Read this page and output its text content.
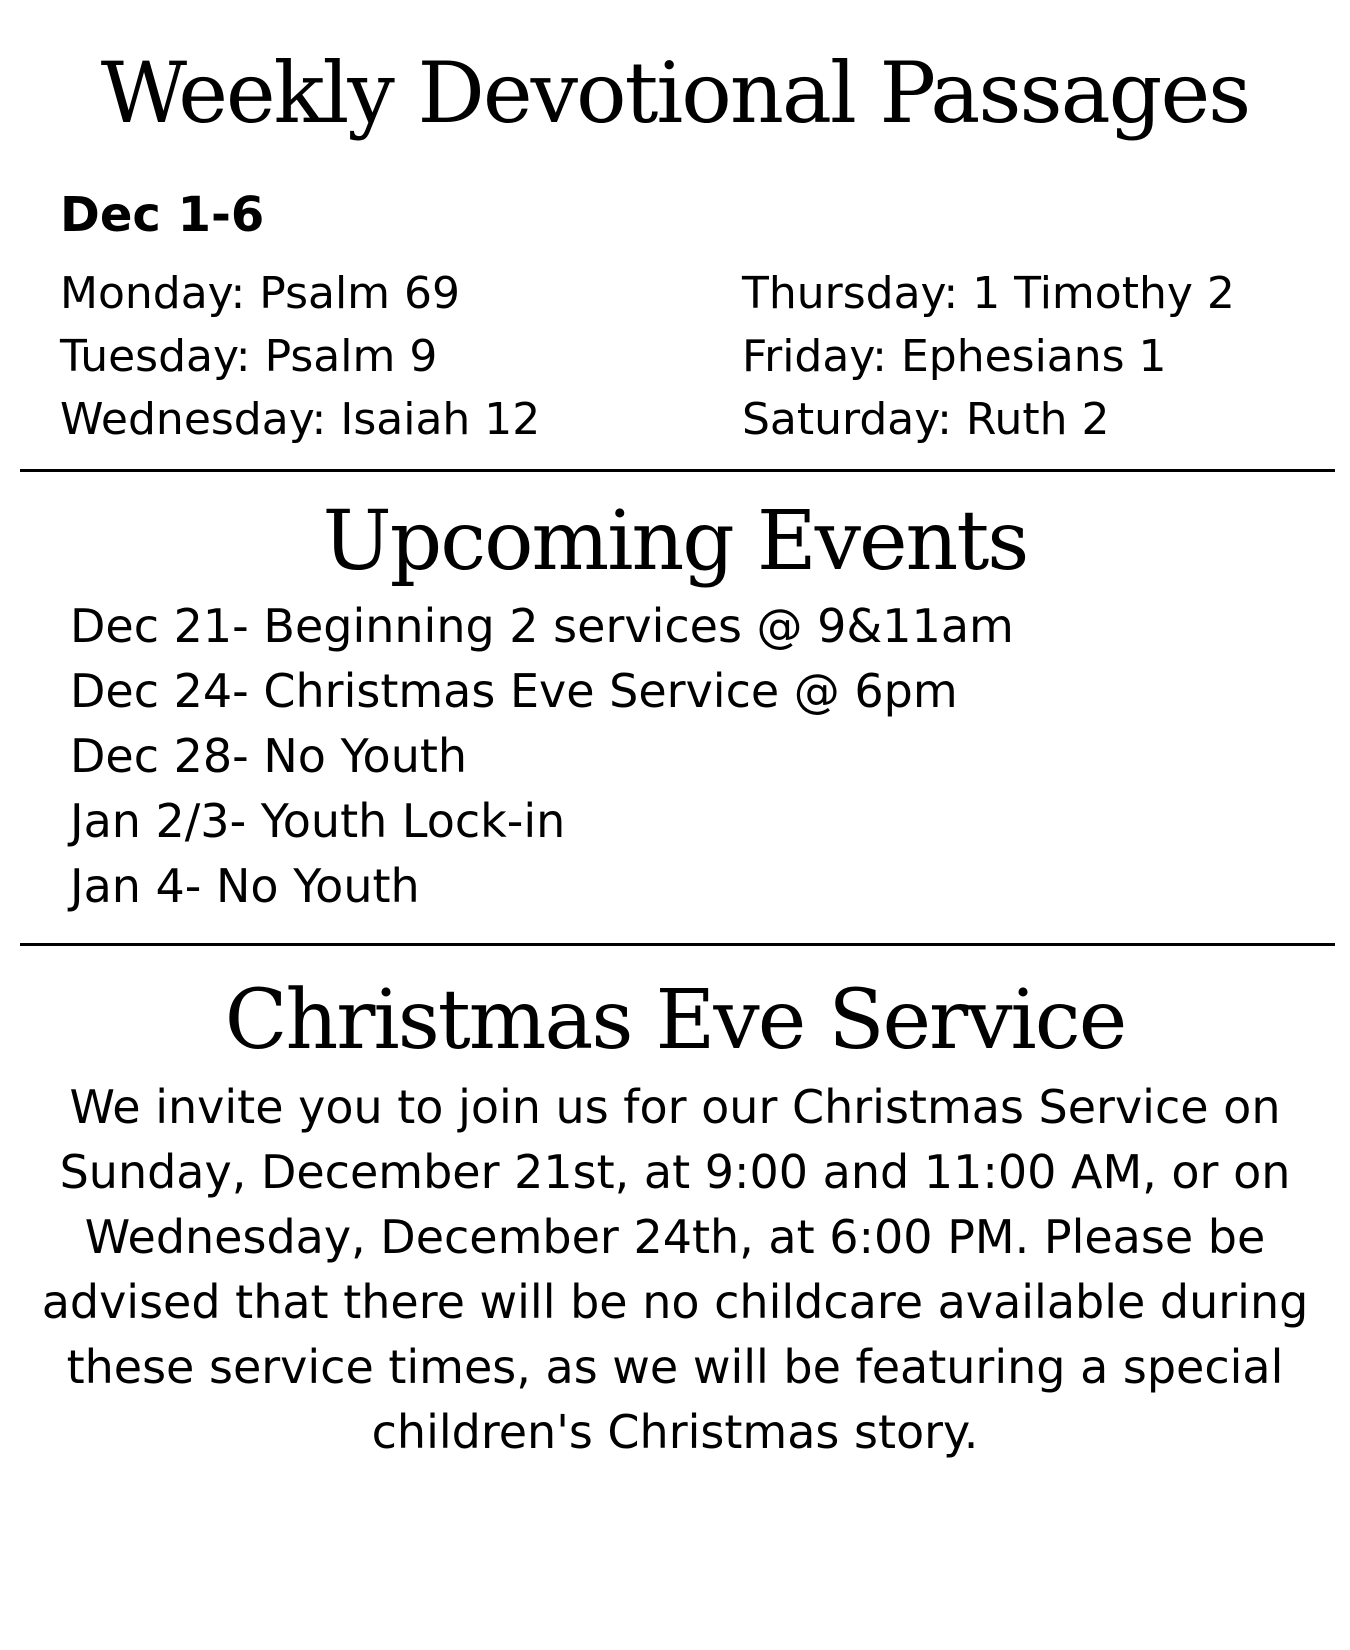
Weekly Devotional Passages
Dec 1-6
Monday: Psalm 69
Tuesday: Psalm 9
Wednesday: Isaiah 12
Thursday: 1 Timothy 2
Friday: Ephesians 1
Saturday: Ruth 2
Upcoming Events
Dec 21- Beginning 2 services @ 9&11am
Dec 24- Christmas Eve Service @ 6pm
Dec 28- No Youth
Jan 2/3- Youth Lock-in
Jan 4- No Youth
Christmas Eve Service

We invite you to join us for our Christmas Service on Sunday, December 21st, at 9:00 and 11:00 AM, or on Wednesday, December 24th, at 6:00 PM. Please be advised that there will be no childcare available during these service times, as we will be featuring a special children's Christmas story.
